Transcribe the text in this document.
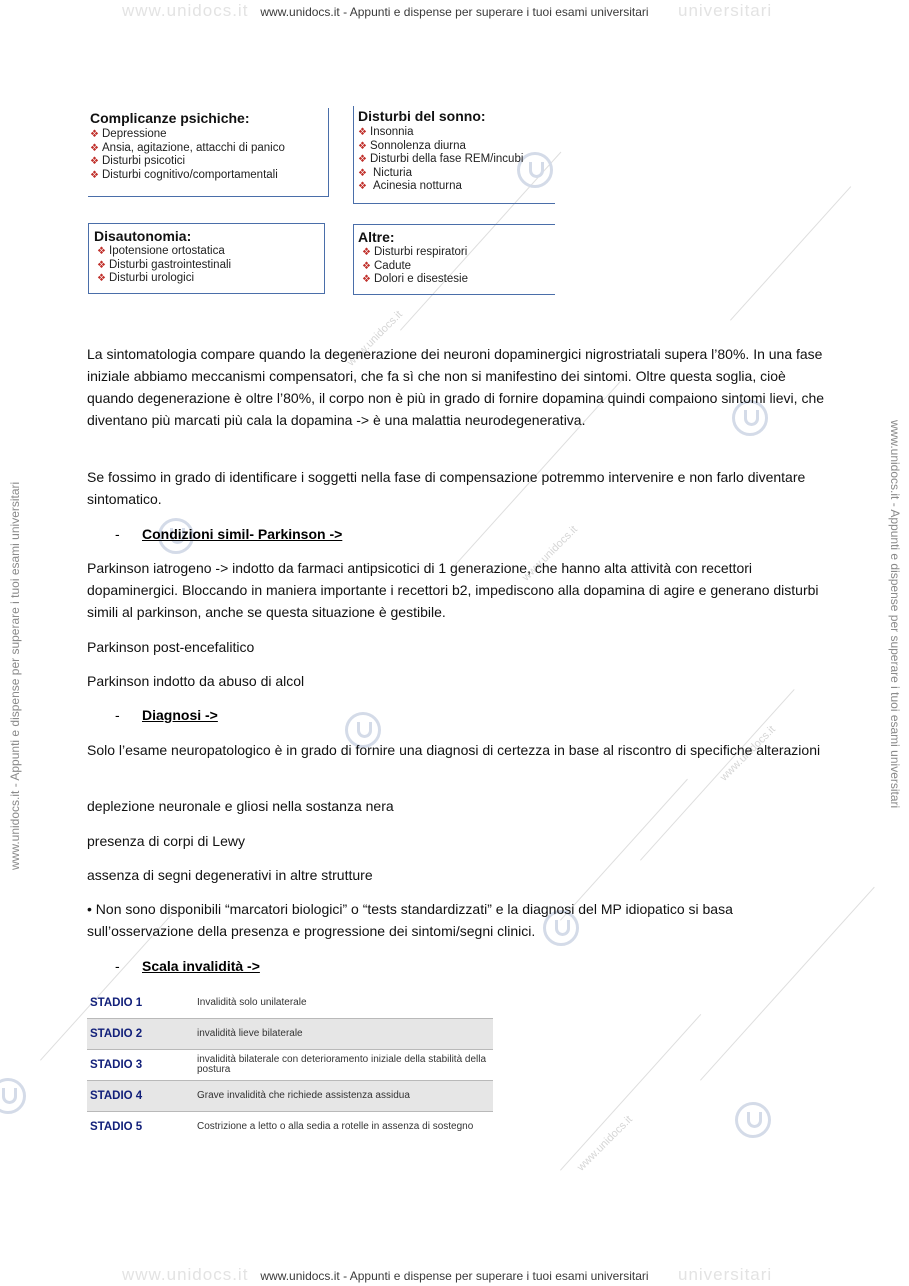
www.unidocs.it	universitari
www.unidocs.it - Appunti e dispense per superare i tuoi esami universitari
www.unidocs.it	universitari
www.unidocs.it - Appunti e dispense per superare i tuoi esami universitari
www.unidocs.it - Appunti e dispense per superare i tuoi esami universitari	www.unidocs.it - Appunti e dispense per superare i tuoi esami universitari
www.unidocs.it
www.unidocs.it
www.unidocs.it
www.unidocs.it
Complicanze psichiche:
❖ Depressione
❖ Ansia, agitazione, attacchi di panico
❖ Disturbi psicotici
❖ Disturbi cognitivo/comportamentali
Disturbi del sonno:
❖ Insonnia
❖ Sonnolenza diurna
❖ Disturbi della fase REM/incubi
❖ Nicturia
❖ Acinesia notturna
Disautonomia:
❖ Ipotensione ortostatica
❖ Disturbi gastrointestinali
❖ Disturbi urologici
Altre:
❖ Disturbi respiratori
❖ Cadute
❖ Dolori e disestesie
La sintomatologia compare quando la degenerazione dei neuroni dopaminergici nigrostriatali supera l’80%. In una fase iniziale abbiamo meccanismi compensatori, che fa sì che non si manifestino dei sintomi. Oltre questa soglia, cioè quando degenerazione è oltre l’80%, il corpo non è più in grado di fornire dopamina quindi compaiono sintomi lievi, che diventano più marcati più cala la dopamina -> è una malattia neurodegenerativa.
Se fossimo in grado di identificare i soggetti nella fase di compensazione potremmo intervenire e non farlo diventare sintomatico.
- Condizioni simil- Parkinson ->
Parkinson iatrogeno -> indotto da farmaci antipsicotici di 1 generazione, che hanno alta attività con recettori dopaminergici. Bloccando in maniera importante i recettori b2, impediscono alla dopamina di agire e generano disturbi simili al parkinson, anche se questa situazione è gestibile.
Parkinson post-encefalitico
Parkinson indotto da abuso di alcol
- Diagnosi ->
Solo l’esame neuropatologico è in grado di fornire una diagnosi di certezza in base al riscontro di specifiche alterazioni
deplezione neuronale e gliosi nella sostanza nera
presenza di corpi di Lewy
assenza di segni degenerativi in altre strutture
• Non sono disponibili “marcatori biologici” o “tests standardizzati” e la diagnosi del MP idiopatico si basa sull’osservazione della presenza e progressione dei sintomi/segni clinici.
- Scala invalidità ->
STADIO 1	Invalidità solo unilaterale
STADIO 2	invalidità lieve bilaterale
STADIO 3	invalidità bilaterale con deterioramento iniziale della stabilità della postura
STADIO 4	Grave invalidità che richiede assistenza assidua
STADIO 5	Costrizione a letto o alla sedia a rotelle in assenza di sostegno
